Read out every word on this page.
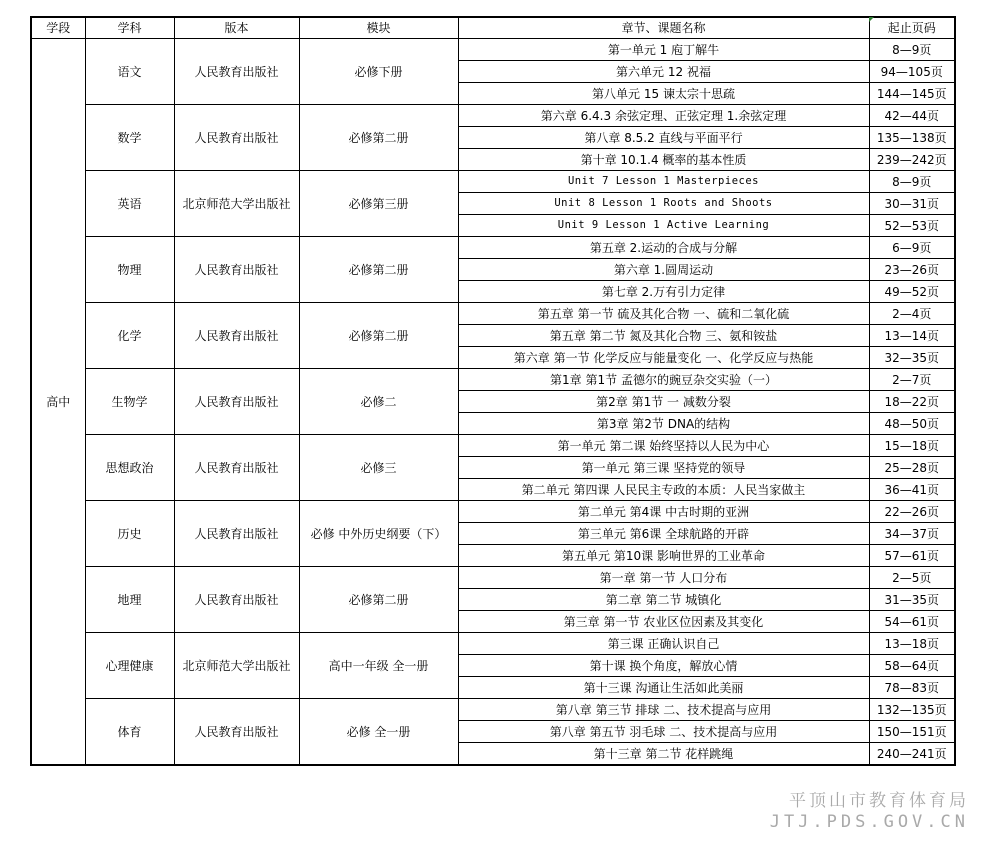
学段	学科	版本	模块	章节、课题名称	起止页码
高中	语文	人民教育出版社	必修下册	第一单元 1 庖丁解牛	8—9页
				第六单元 12 祝福	94—105页
				第八单元 15 谏太宗十思疏	144—145页
	数学	人民教育出版社	必修第二册	第六章 6.4.3 余弦定理、正弦定理 1.余弦定理	42—44页
				第八章 8.5.2 直线与平面平行	135—138页
				第十章 10.1.4 概率的基本性质	239—242页
	英语	北京师范大学出版社	必修第三册	Unit 7 Lesson 1 Masterpieces	8—9页
				Unit 8 Lesson 1 Roots and Shoots	30—31页
				Unit 9 Lesson 1 Active Learning	52—53页
	物理	人民教育出版社	必修第二册	第五章 2.运动的合成与分解	6—9页
				第六章 1.圆周运动	23—26页
				第七章 2.万有引力定律	49—52页
	化学	人民教育出版社	必修第二册	第五章 第一节 硫及其化合物 一、硫和二氧化硫	2—4页
				第五章 第二节 氮及其化合物 三、氨和铵盐	13—14页
				第六章 第一节 化学反应与能量变化 一、化学反应与热能	32—35页
	生物学	人民教育出版社	必修二	第1章 第1节 孟德尔的豌豆杂交实验（一）	2—7页
				第2章 第1节 一 减数分裂	18—22页
				第3章 第2节 DNA的结构	48—50页
	思想政治	人民教育出版社	必修三	第一单元 第二课 始终坚持以人民为中心	15—18页
				第一单元 第三课 坚持党的领导	25—28页
				第二单元 第四课 人民民主专政的本质：人民当家做主	36—41页
	历史	人民教育出版社	必修 中外历史纲要（下）	第二单元 第4课 中古时期的亚洲	22—26页
				第三单元 第6课 全球航路的开辟	34—37页
				第五单元 第10课 影响世界的工业革命	57—61页
	地理	人民教育出版社	必修第二册	第一章 第一节 人口分布	2—5页
				第二章 第二节 城镇化	31—35页
				第三章 第一节 农业区位因素及其变化	54—61页
	心理健康	北京师范大学出版社	高中一年级 全一册	第三课 正确认识自己	13—18页
				第十课 换个角度，解放心情	58—64页
				第十三课 沟通让生活如此美丽	78—83页
	体育	人民教育出版社	必修 全一册	第八章 第三节 排球 二、技术提高与应用	132—135页
				第八章 第五节 羽毛球 二、技术提高与应用	150—151页
				第十三章 第二节 花样跳绳	240—241页
平顶山市教育体育局
JTJ.PDS.GOV.CN
